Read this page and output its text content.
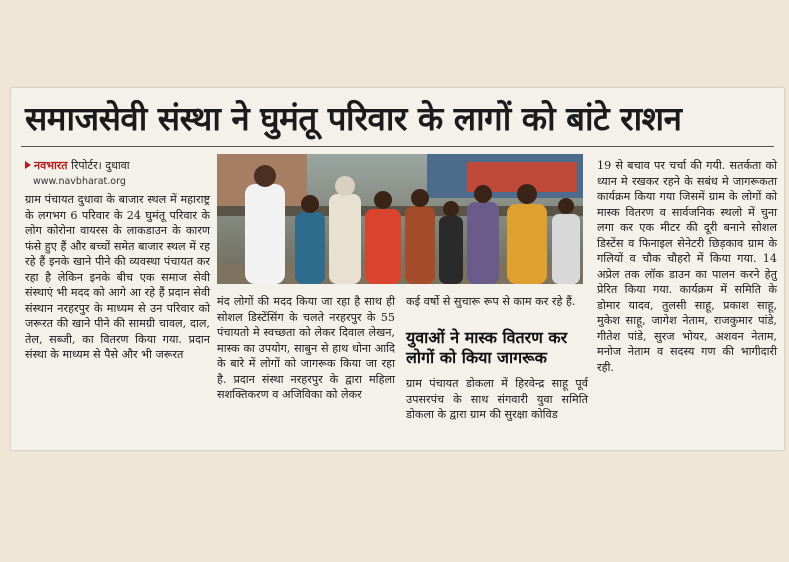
समाजसेवी संस्था ने घुमंतू परिवार के लागों को बांटे राशन
नवभारत रिपोर्टर। दुधावा
www.navbharat.org

ग्राम पंचायत दुधावा के बाजार स्थल में महाराष्ट्र के लगभग 6 परिवार के 24 घुमंतू परिवार के लोग कोरोना वायरस के लाकडाउन के कारण फंसे हुए हैं और बच्चों समेत बाजार स्थल में रह रहे हैं इनके खाने पीने की व्यवस्था पंचायत कर रहा है लेकिन इनके बीच एक समाज सेवी संस्थाएं भी मदद को आगे आ रहे हैं प्रदान सेवी संस्थान नरहरपुर के माध्यम से उन परिवार को जरूरत की खाने पीने की सामग्री चावल, दाल, तेल, सब्जी, का वितरण किया गया. प्रदान संस्था के माध्यम से पैसे और भी जरूरत

मंद लोगों की मदद किया जा रहा है साथ ही सोशल डिस्टेंसिंग के चलते नरहरपुर के 55 पंचायतो मे स्वच्छता को लेकर दिवाल लेखन, मास्क का उपयोग, साबुन से हाथ धोना आदि के बारे में लोगों को जागरूक किया जा रहा है. प्रदान संस्था नरहरपुर के द्वारा महिला सशक्तिकरण व अजिविका को लेकर

कई वर्षो से सुचारू रूप से काम कर रहे हैं.

युवाओं ने मास्क वितरण कर लोगों को किया जागरूक

ग्राम पंचायत डोकला में हिरवेन्द्र साहू पूर्व उपसरपंच के साथ संगवारी युवा समिति डोकला के द्वारा ग्राम की सुरक्षा कोविड

19 से बचाव पर चर्चा की गयी. सतर्कता को ध्यान मे रखकर रहने के सबंध मे जागरूकता कार्यक्रम किया गया जिसमें ग्राम के लोगों को मास्क वितरण व सार्वजनिक स्थलो में चुना लगा कर एक मीटर की दूरी बनाने सोशल डिस्टेंस व फिनाइल सेनेटरी छिड़काव ग्राम के गलियों व चौक चौहरो में किया गया. 14 अप्रेल तक लॉक डाउन का पालन करने हेतु प्रेरित किया गया. कार्यक्रम में समिति के डोमार यादव, तुलसी साहू, प्रकाश साहू, मुकेश साहू, जागेश नेताम, राजकुमार पांडे, गीतेश पांडे, सुरज भोयर, अशवन नेताम, मनोज नेताम व सदस्य गण की भागीदारी रही.
